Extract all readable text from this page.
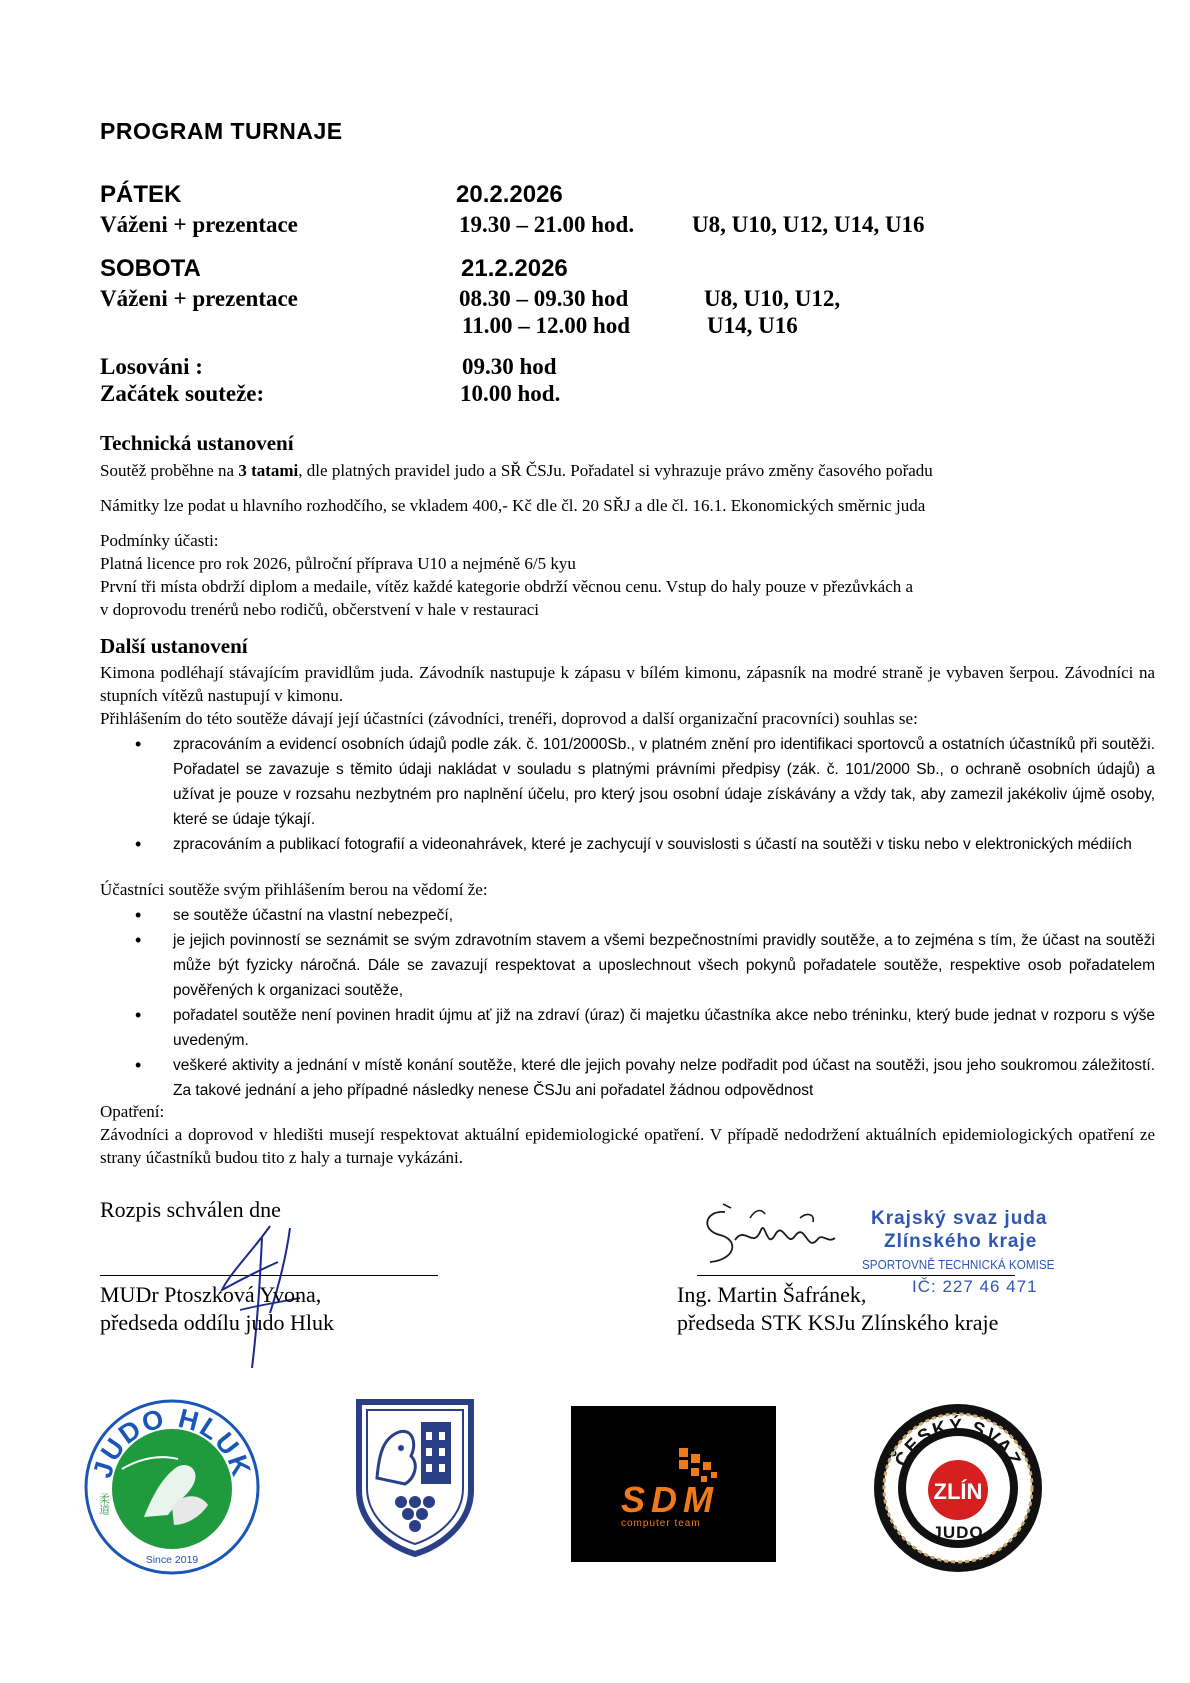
PROGRAM TURNAJE
PÁTEK	20.2.2026
Váženi + prezentace	19.30 – 21.00 hod.	U8, U10, U12, U14, U16
SOBOTA	21.2.2026
Váženi + prezentace	08.30 – 09.30 hod	U8, U10, U12,
11.00 – 12.00 hod	U14, U16
Losováni :	09.30 hod
Začátek souteže:	10.00 hod.
Technická ustanovení
Soutěž proběhne na 3 tatami, dle platných pravidel judo a SŘ ČSJu. Pořadatel si vyhrazuje právo změny časového pořadu
Námitky lze podat u hlavního rozhodčího, se vkladem 400,- Kč dle čl. 20 SŘJ a dle čl. 16.1. Ekonomických směrnic juda
Podmínky účasti:
Platná licence pro rok 2026, půlroční příprava U10 a nejméně 6/5 kyu
První tři místa obdrží diplom a medaile, vítěz každé kategorie obdrží věcnou cenu. Vstup do haly pouze v přezůvkách a
v doprovodu trenérů nebo rodičů, občerstvení v hale v restauraci
Další ustanovení
Kimona podléhají stávajícím pravidlům juda. Závodník nastupuje k zápasu v bílém kimonu, zápasník na modré straně je vybaven šerpou. Závodníci na stupních vítězů nastupují v kimonu.
Přihlášením do této soutěže dávají její účastníci (závodníci, trenéři, doprovod a další organizační pracovníci) souhlas se:
• zpracováním a evidencí osobních údajů podle zák. č. 101/2000Sb., v platném znění pro identifikaci sportovců a ostatních účastníků při soutěži. Pořadatel se zavazuje s těmito údaji nakládat v souladu s platnými právními předpisy (zák. č. 101/2000 Sb., o ochraně osobních údajů) a užívat je pouze v rozsahu nezbytném pro naplnění účelu, pro který jsou osobní údaje získávány a vždy tak, aby zamezil jakékoliv újmě osoby, které se údaje týkají.
• zpracováním a publikací fotografií a videonahrávek, které je zachycují v souvislosti s účastí na soutěži v tisku nebo v elektronických médiích
Účastníci soutěže svým přihlášením berou na vědomí že:
• se soutěže účastní na vlastní nebezpečí,
• je jejich povinností se seznámit se svým zdravotním stavem a všemi bezpečnostními pravidly soutěže, a to zejména s tím, že účast na soutěži může být fyzicky náročná. Dále se zavazují respektovat a uposlechnout všech pokynů pořadatele soutěže, respektive osob pořadatelem pověřených k organizaci soutěže,
• pořadatel soutěže není povinen hradit újmu ať již na zdraví (úraz) či majetku účastníka akce nebo tréninku, který bude jednat v rozporu s výše uvedeným.
• veškeré aktivity a jednání v místě konání soutěže, které dle jejich povahy nelze podřadit pod účast na soutěži, jsou jeho soukromou záležitostí. Za takové jednání a jeho případné následky nenese ČSJu ani pořadatel žádnou odpovědnost
Opatření:
Závodníci a doprovod v hledišti musejí respektovat aktuální epidemiologické opatření. V případě nedodržení aktuálních epidemiologických opatření ze strany účastníků budou tito z haly a turnaje vykázáni.
Rozpis schválen dne	Krajský svaz juda
Zlínského kraje
SPORTOVNĚ TECHNICKÁ KOMISE
IČ: 227 46 471
MUDr Ptoszková Yvona,
předseda oddílu judo Hluk
Ing. Martin Šafránek,
předseda STK KSJu Zlínského kraje
JUDO HLUK
柔道
Since 2019
SDM
computer team
ČESKÝ SVAZ
ZLÍN
JUDO
